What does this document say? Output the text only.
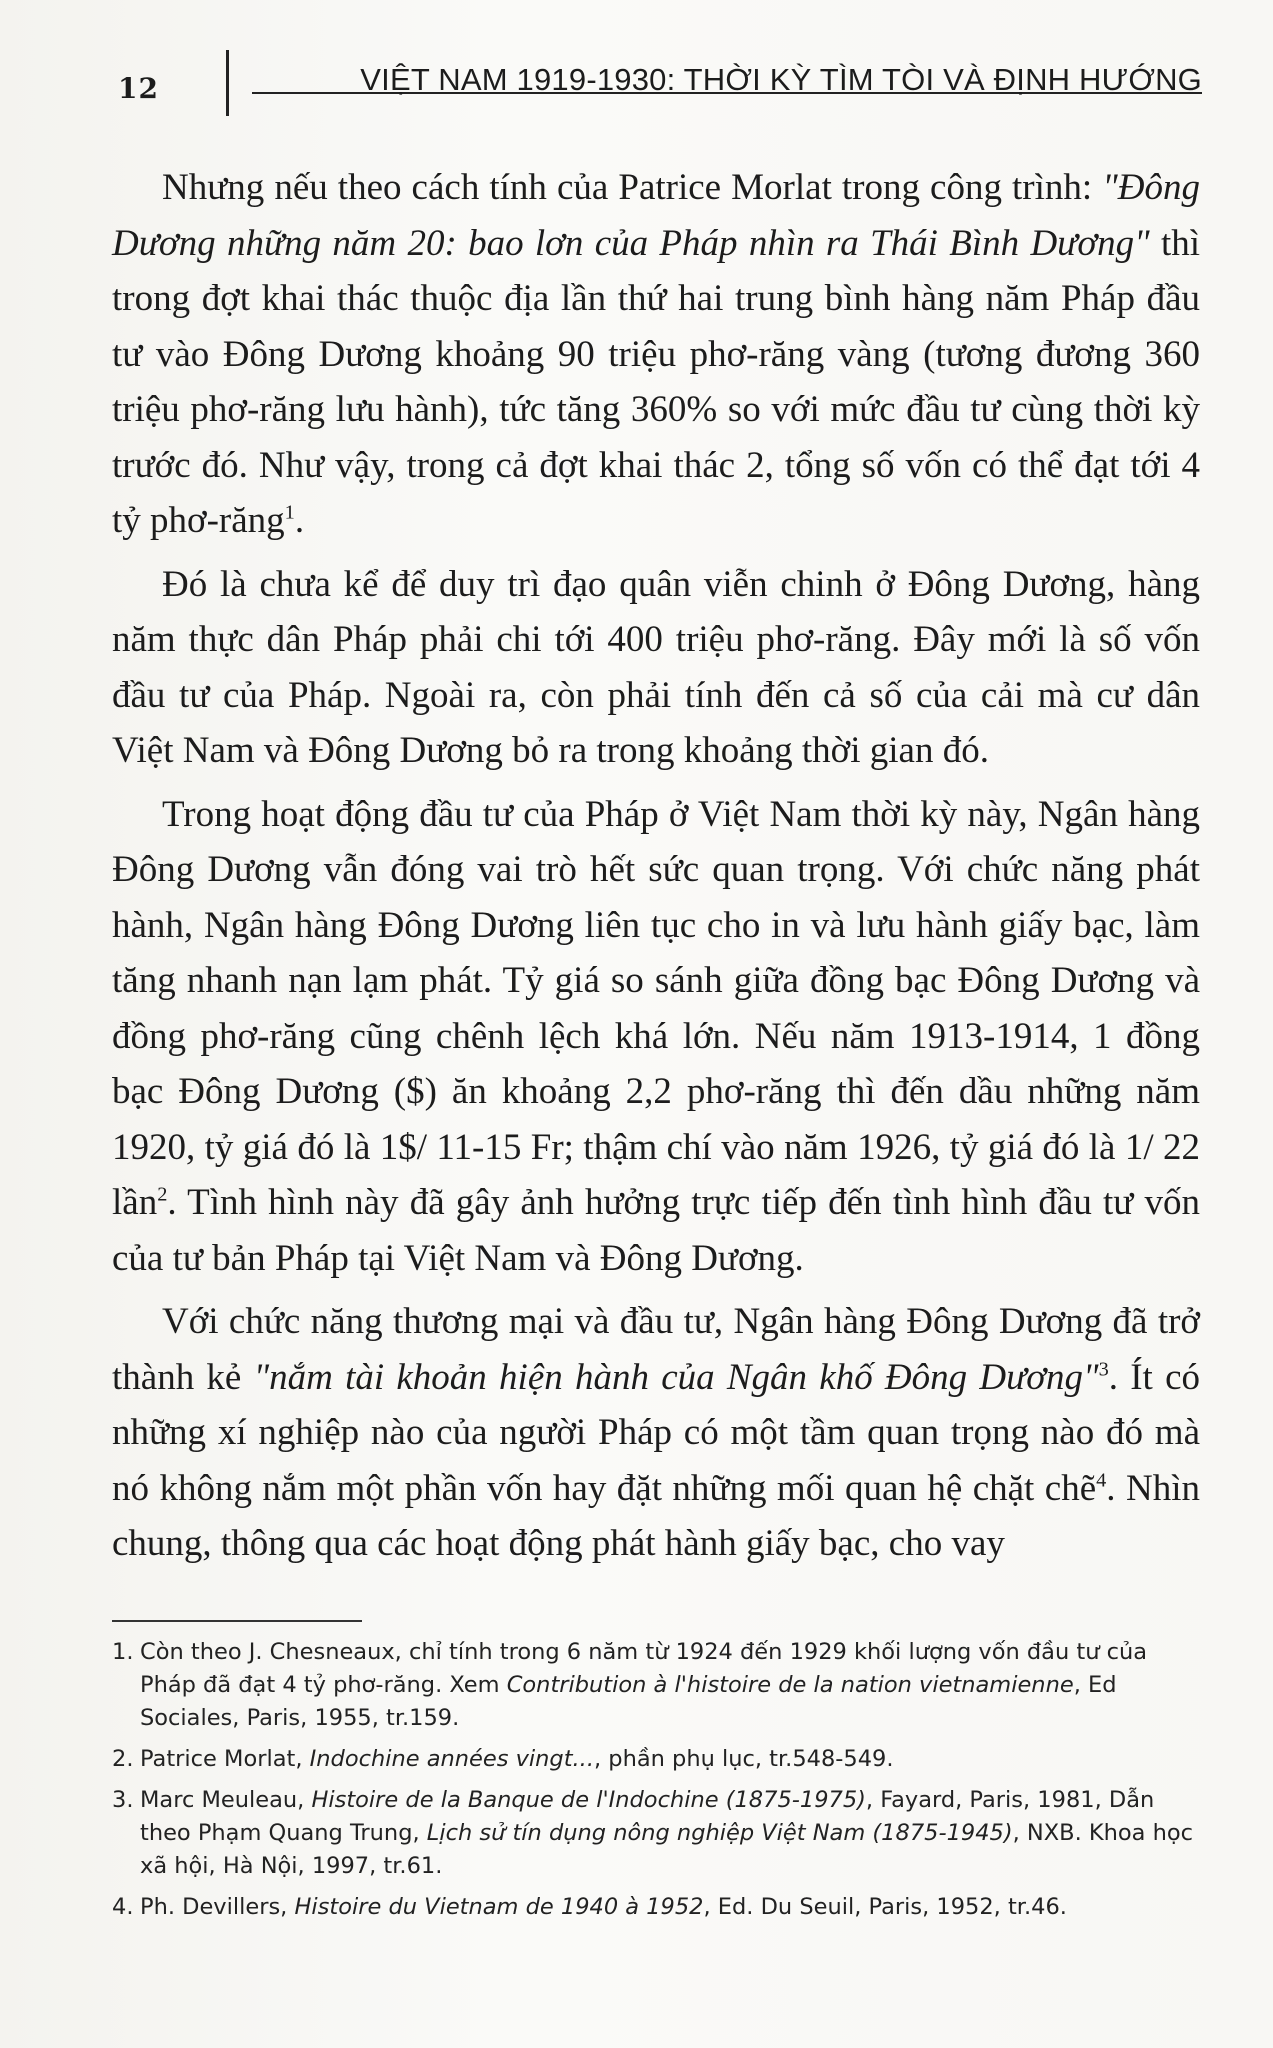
12	VIỆT NAM 1919-1930: THỜI KỲ TÌM TÒI VÀ ĐỊNH HƯỚNG

Nhưng nếu theo cách tính của Patrice Morlat trong công trình: "Đông Dương những năm 20: bao lơn của Pháp nhìn ra Thái Bình Dương" thì trong đợt khai thác thuộc địa lần thứ hai trung bình hàng năm Pháp đầu tư vào Đông Dương khoảng 90 triệu phơ-răng vàng (tương đương 360 triệu phơ-răng lưu hành), tức tăng 360% so với mức đầu tư cùng thời kỳ trước đó. Như vậy, trong cả đợt khai thác 2, tổng số vốn có thể đạt tới 4 tỷ phơ-răng$^1$.

Đó là chưa kể để duy trì đạo quân viễn chinh ở Đông Dương, hàng năm thực dân Pháp phải chi tới 400 triệu phơ-răng. Đây mới là số vốn đầu tư của Pháp. Ngoài ra, còn phải tính đến cả số của cải mà cư dân Việt Nam và Đông Dương bỏ ra trong khoảng thời gian đó.

Trong hoạt động đầu tư của Pháp ở Việt Nam thời kỳ này, Ngân hàng Đông Dương vẫn đóng vai trò hết sức quan trọng. Với chức năng phát hành, Ngân hàng Đông Dương liên tục cho in và lưu hành giấy bạc, làm tăng nhanh nạn lạm phát. Tỷ giá so sánh giữa đồng bạc Đông Dương và đồng phơ-răng cũng chênh lệch khá lớn. Nếu năm 1913-1914, 1 đồng bạc Đông Dương ($) ăn khoảng 2,2 phơ-răng thì đến dầu những năm 1920, tỷ giá đó là 1$/ 11-15 Fr; thậm chí vào năm 1926, tỷ giá đó là 1/ 22 lần$^2$. Tình hình này đã gây ảnh hưởng trực tiếp đến tình hình đầu tư vốn của tư bản Pháp tại Việt Nam và Đông Dương.

Với chức năng thương mại và đầu tư, Ngân hàng Đông Dương đã trở thành kẻ "nắm tài khoản hiện hành của Ngân khố Đông Dương"$^3$. Ít có những xí nghiệp nào của người Pháp có một tầm quan trọng nào đó mà nó không nắm một phần vốn hay đặt những mối quan hệ chặt chẽ$^4$. Nhìn chung, thông qua các hoạt động phát hành giấy bạc, cho vay

1. Còn theo J. Chesneaux, chỉ tính trong 6 năm từ 1924 đến 1929 khối lượng vốn đầu tư của Pháp đã đạt 4 tỷ phơ-răng. Xem Contribution à l'histoire de la nation vietnamienne, Ed Sociales, Paris, 1955, tr.159.
2. Patrice Morlat, Indochine années vingt..., phần phụ lục, tr.548-549.
3. Marc Meuleau, Histoire de la Banque de l'Indochine (1875-1975), Fayard, Paris, 1981, Dẫn theo Phạm Quang Trung, Lịch sử tín dụng nông nghiệp Việt Nam (1875-1945), NXB. Khoa học xã hội, Hà Nội, 1997, tr.61.
4. Ph. Devillers, Histoire du Vietnam de 1940 à 1952, Ed. Du Seuil, Paris, 1952, tr.46.
